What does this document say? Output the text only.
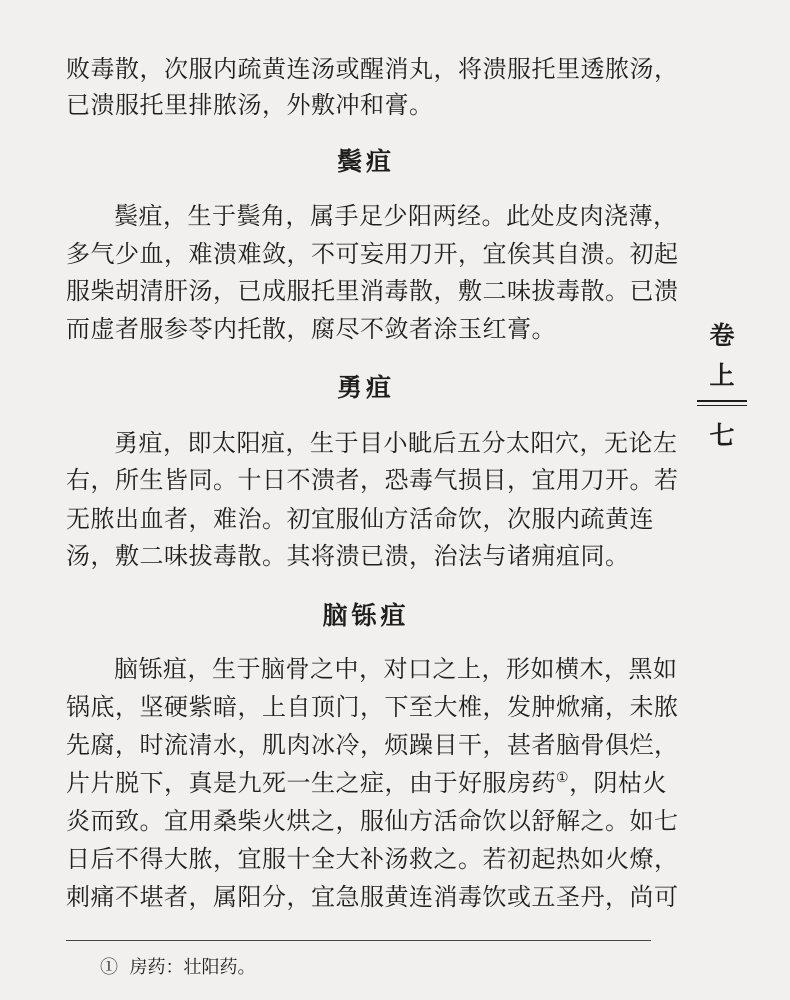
败毒散，次服内疏黄连汤或醒消丸，将溃服托里透脓汤，
已溃服托里排脓汤，外敷冲和膏。
鬓疽
鬓疽，生于鬓角，属手足少阳两经。此处皮肉浇薄，
多气少血，难溃难敛，不可妄用刀开，宜俟其自溃。初起
服柴胡清肝汤，已成服托里消毒散，敷二味拔毒散。已溃
而虚者服参苓内托散，腐尽不敛者涂玉红膏。
勇疽
勇疽，即太阳疽，生于目小眦后五分太阳穴，无论左
右，所生皆同。十日不溃者，恐毒气损目，宜用刀开。若
无脓出血者，难治。初宜服仙方活命饮，次服内疏黄连
汤，敷二味拔毒散。其将溃已溃，治法与诸痈疽同。
脑铄疽
脑铄疽，生于脑骨之中，对口之上，形如横木，黑如
锅底，坚硬紫暗，上自顶门，下至大椎，发肿焮痛，未脓
先腐，时流清水，肌肉冰冷，烦躁目干，甚者脑骨俱烂，
片片脱下，真是九死一生之症，由于好服房药①，阴枯火
炎而致。宜用桑柴火烘之，服仙方活命饮以舒解之。如七
日后不得大脓，宜服十全大补汤救之。若初起热如火燎，
刺痛不堪者，属阳分，宜急服黄连消毒饮或五圣丹，尚可
卷
上
七
① 房药：壮阳药。
